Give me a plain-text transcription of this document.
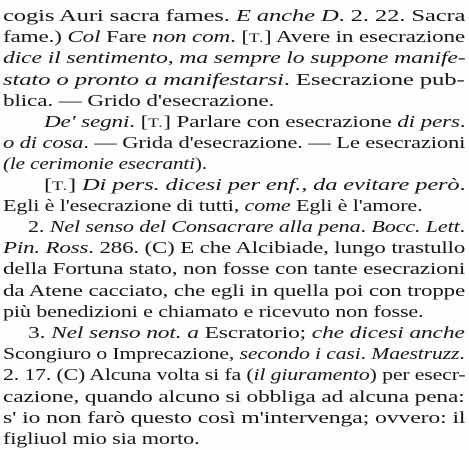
cogis Auri sacra fames. E anche D. 2. 22. Sacra
fame.) Col Fare non com. [T.] Avere in esecrazione
dice il sentimento, ma sempre lo suppone manife-
stato o pronto a manifestarsi. Esecrazione pub-
blica. — Grido d'esecrazione.
De' segni. [T.] Parlare con esecrazione di pers.
o di cosa. — Grida d'esecrazione. — Le esecrazioni
(le cerimonie esecranti).
[T.] Di pers. dicesi per enf., da evitare però.
Egli è l'esecrazione di tutti, come Egli è l'amore.
2. Nel senso del Consacrare alla pena. Bocc. Lett.
Pin. Ross. 286. (C) E che Alcibiade, lungo trastullo
della Fortuna stato, non fosse con tante esecrazioni
da Atene cacciato, che egli in quella poi con troppe
più benedizioni e chiamato e ricevuto non fosse.
3. Nel senso not. a Escratorio; che dicesi anche
Scongiuro o Imprecazione, secondo i casi. Maestruzz.
2. 17. (C) Alcuna volta si fa (il giuramento) per esecr-
cazione, quando alcuno si obbliga ad alcuna pena:
s' io non farò questo così m'intervenga; ovvero: il
figliuol mio sia morto.
